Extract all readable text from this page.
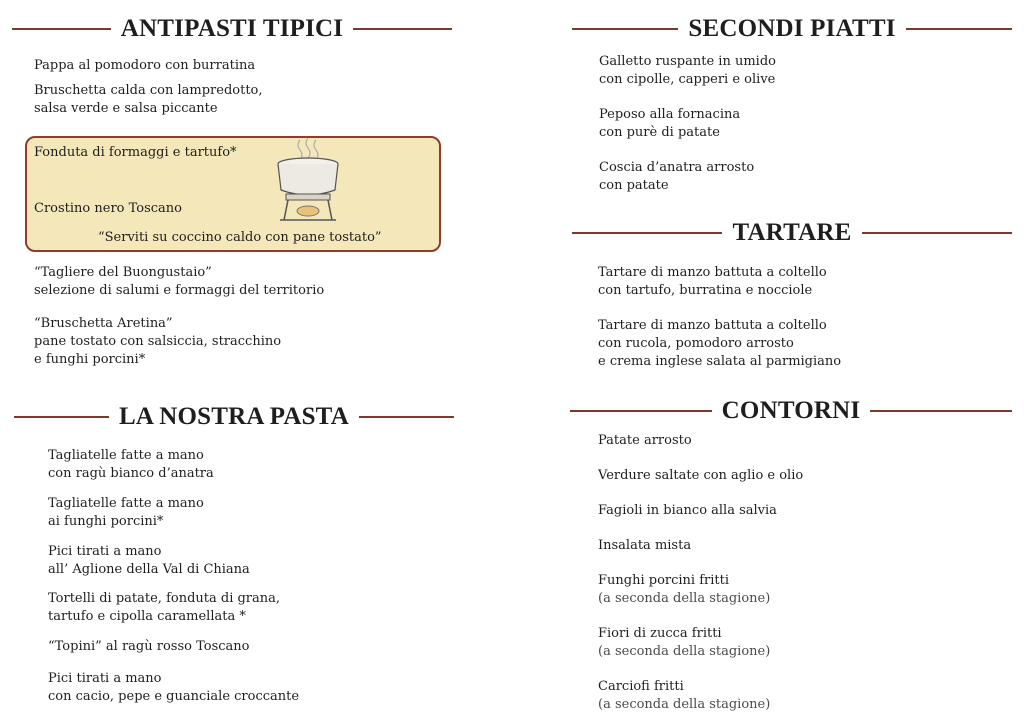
ANTIPASTI TIPICI
LA NOSTRA PASTA
SECONDI PIATTI
TARTARE
CONTORNI
Pappa al pomodoro con burratina
Bruschetta calda con lampredotto,
salsa verde e salsa piccante
Fonduta di formaggi e tartufo*
Crostino nero Toscano
“Serviti su coccino caldo con pane tostato”
“Tagliere del Buongustaio”
selezione di salumi e formaggi del territorio
“Bruschetta Aretina”
pane tostato con salsiccia, stracchino
e funghi porcini*
Tagliatelle fatte a mano
con ragù bianco d’anatra
Tagliatelle fatte a mano
ai funghi porcini*
Pici tirati a mano
all’ Aglione della Val di Chiana
Tortelli di patate, fonduta di grana,
tartufo e cipolla caramellata *
“Topini” al ragù rosso Toscano
Pici tirati a mano
con cacio, pepe e guanciale croccante
Galletto ruspante in umido
con cipolle, capperi e olive
Peposo alla fornacina
con purè di patate
Coscia d’anatra arrosto
con patate
Tartare di manzo battuta a coltello
con tartufo, burratina e nocciole
Tartare di manzo battuta a coltello
con rucola, pomodoro arrosto
e crema inglese salata al parmigiano
Patate arrosto
Verdure saltate con aglio e olio
Fagioli in bianco alla salvia
Insalata mista
Funghi porcini fritti
(a seconda della stagione)
Fiori di zucca fritti
(a seconda della stagione)
Carciofi fritti
(a seconda della stagione)
